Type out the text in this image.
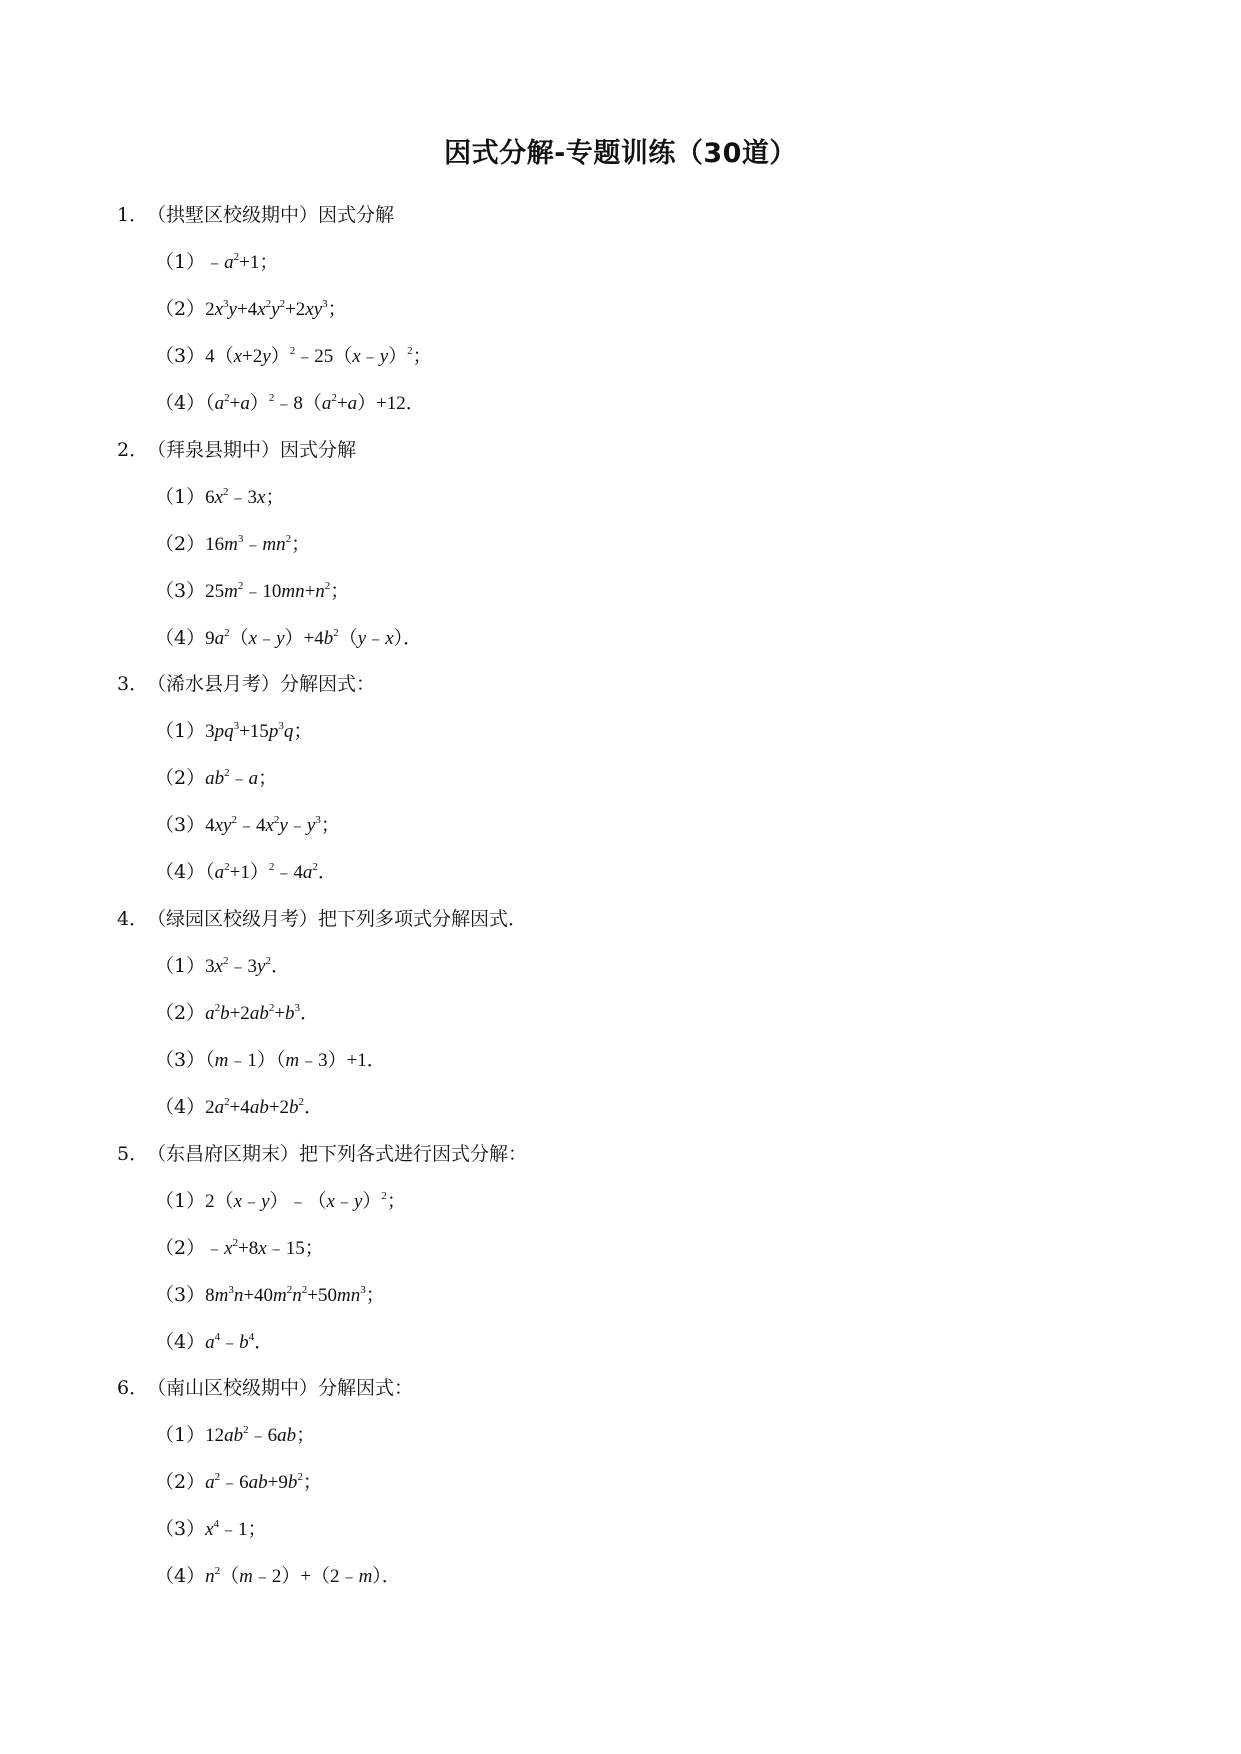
因式分解-专题训练（30道）
1．（拱墅区校级期中）因式分解
$(1)﹣a^2+1$；
$(2)2x^3y+4x^2y^2+2xy^3$；
$(3)4(x+2y)^2﹣25(x﹣y)^2$；
$(4)(a^2+a)^2﹣8(a^2+a)+12$．
2．（拜泉县期中）因式分解
$(1)6x^2﹣3x$；
$(2)16m^3﹣mn^2$；
$(3)25m^2﹣10mn+n^2$；
$(4)9a^2(x﹣y)+4b^2(y﹣x)$．
3．（浠水县月考）分解因式：
$(1)3pq^3+15p^3q$；
$(2)ab^2﹣a$；
$(3)4xy^2﹣4x^2y﹣y^3$；
$(4)(a^2+1)^2﹣4a^2$．
4．（绿园区校级月考）把下列多项式分解因式．
$(1)3x^2﹣3y^2$．
$(2)a^2b+2ab^2+b^3$．
（3）（m﹣1）（m﹣3）+1．
$(4)2a^2+4ab+2b^2$．
5．（东昌府区期末）把下列各式进行因式分解：
（1）2（x﹣y）﹣（x﹣y）$^2$；
$(2)﹣x^2+8x﹣15$；
$(3)8m^3n+40m^2n^2+50mn^3$；
$(4)a^4﹣b^4$．
6．（南山区校级期中）分解因式：
$(1)12ab^2﹣6ab$；
$(2)a^2﹣6ab+9b^2$；
$(3)x^4﹣1$；
$(4)n^2(m﹣2)+(2﹣m)$．
